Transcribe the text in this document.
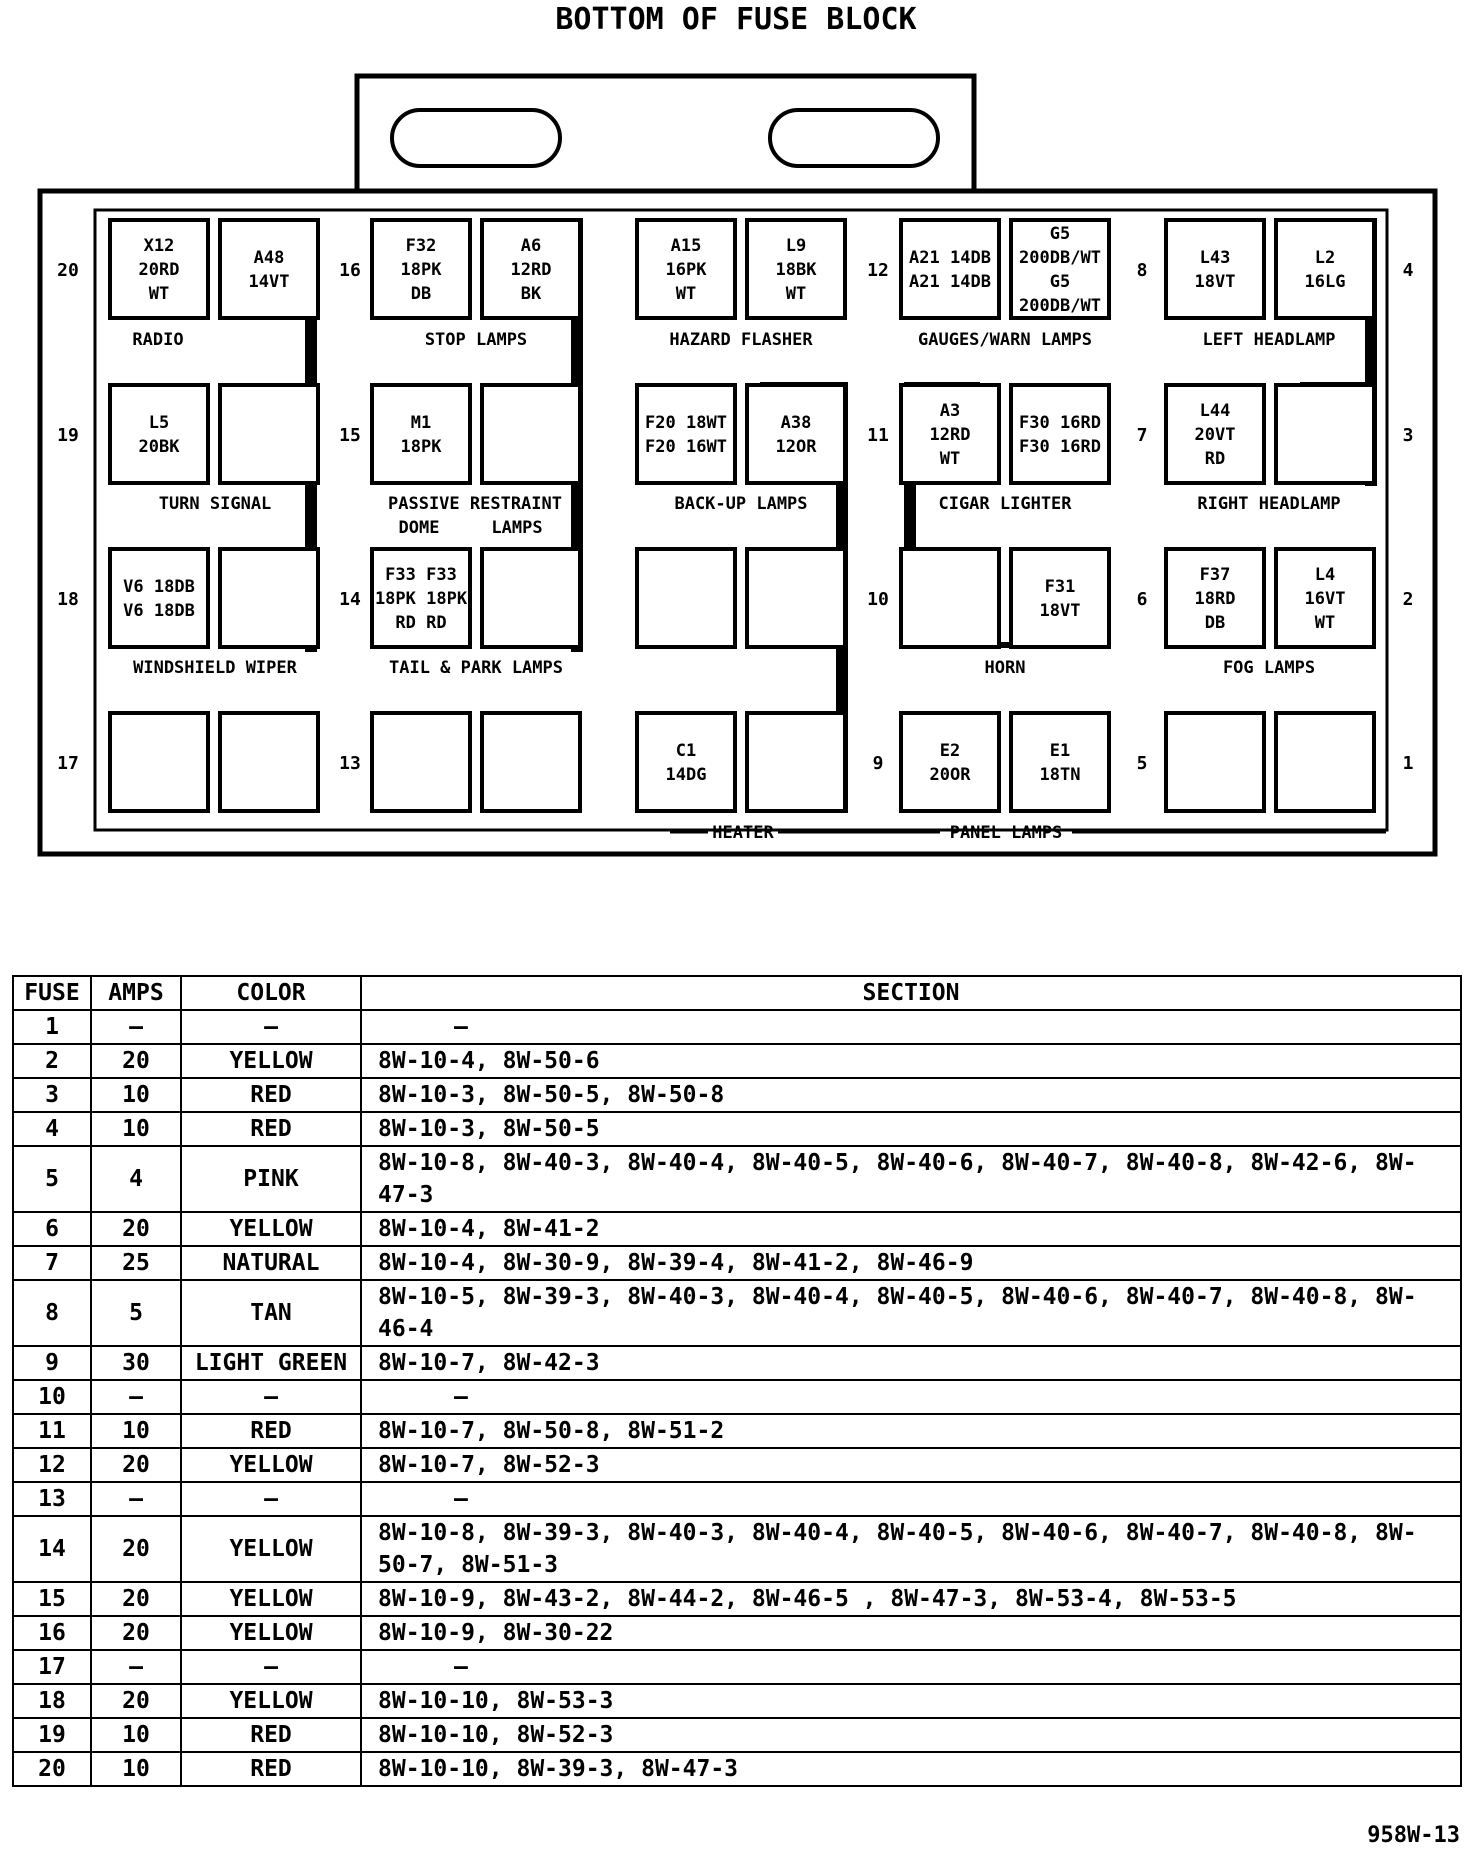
BOTTOM OF FUSE BLOCK
X12
20RD
WT
A48
14VT
F32
18PK
DB
A6
12RD
BK
A15
16PK
WT
L9
18BK
WT
A21 14DB
A21 14DB
G5
200DB/WT
G5
200DB/WT
L43
18VT
L2
16LG
L5
20BK
M1
18PK
F20 18WT
F20 16WT
A38
12OR
A3
12RD
WT
F30 16RD
F30 16RD
L44
20VT
RD
V6 18DB
V6 18DB
F33 F33
18PK 18PK
RD RD
F31
18VT
F37
18RD
DB
L4
16VT
WT
C1
14DG
E2
20OR
E1
18TN
20
19
18
17
16
15
14
13
12
11
10
9
8
7
6
5
4
3
2
1
RADIO	STOP LAMPS	HAZARD FLASHER	GAUGES/WARN LAMPS	LEFT HEADLAMP
TURN SIGNAL	PASSIVE RESTRAINT
DOME	LAMPS
BACK-UP LAMPS	CIGAR LIGHTER	RIGHT HEADLAMP
WINDSHIELD WIPER	TAIL & PARK LAMPS	HORN	FOG LAMPS
HEATER	PANEL LAMPS
FUSE	AMPS	COLOR	SECTION
1	–	–	–
2	20	YELLOW	8W-10-4, 8W-50-6
3	10	RED	8W-10-3, 8W-50-5, 8W-50-8
4	10	RED	8W-10-3, 8W-50-5
5	4	PINK	8W-10-8, 8W-40-3, 8W-40-4, 8W-40-5, 8W-40-6, 8W-40-7, 8W-40-8, 8W-42-6, 8W-47-3
6	20	YELLOW	8W-10-4, 8W-41-2
7	25	NATURAL	8W-10-4, 8W-30-9, 8W-39-4, 8W-41-2, 8W-46-9
8	5	TAN	8W-10-5, 8W-39-3, 8W-40-3, 8W-40-4, 8W-40-5, 8W-40-6, 8W-40-7, 8W-40-8, 8W-46-4
9	30	LIGHT GREEN	8W-10-7, 8W-42-3
10	–	–	–
11	10	RED	8W-10-7, 8W-50-8, 8W-51-2
12	20	YELLOW	8W-10-7, 8W-52-3
13	–	–	–
14	20	YELLOW	8W-10-8, 8W-39-3, 8W-40-3, 8W-40-4, 8W-40-5, 8W-40-6, 8W-40-7, 8W-40-8, 8W-50-7, 8W-51-3
15	20	YELLOW	8W-10-9, 8W-43-2, 8W-44-2, 8W-46-5 , 8W-47-3, 8W-53-4, 8W-53-5
16	20	YELLOW	8W-10-9, 8W-30-22
17	–	–	–
18	20	YELLOW	8W-10-10, 8W-53-3
19	10	RED	8W-10-10, 8W-52-3
20	10	RED	8W-10-10, 8W-39-3, 8W-47-3
958W-13
